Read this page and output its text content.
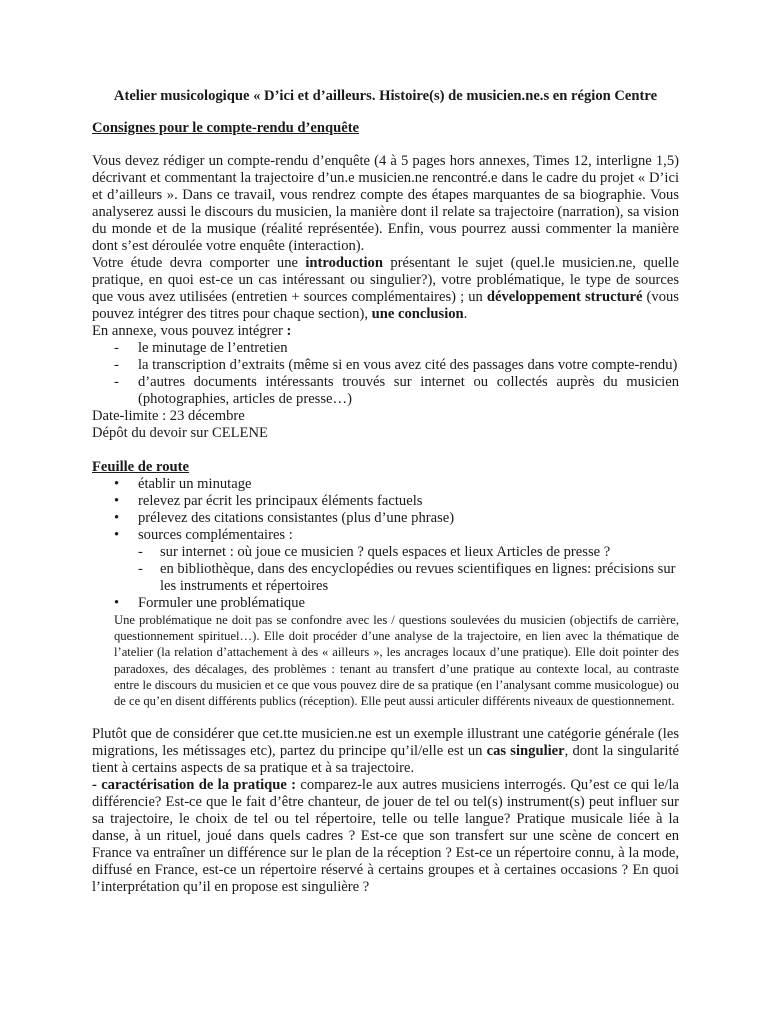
Atelier musicologique « D’ici et d’ailleurs. Histoire(s) de musicien.ne.s en région Centre
Consignes pour le compte-rendu d’enquête

Vous devez rédiger un compte-rendu d’enquête (4 à 5 pages hors annexes, Times 12, interligne 1,5) décrivant et commentant la trajectoire d’un.e musicien.ne rencontré.e dans le cadre du projet « D’ici et d’ailleurs ». Dans ce travail, vous rendrez compte des étapes marquantes de sa biographie. Vous analyserez aussi le discours du musicien, la manière dont il relate sa trajectoire (narration), sa vision du monde et de la musique (réalité représentée). Enfin, vous pourrez aussi commenter la manière dont s’est déroulée votre enquête (interaction).

Votre étude devra comporter une introduction présentant le sujet (quel.le musicien.ne, quelle pratique, en quoi est-ce un cas intéressant ou singulier?), votre problématique, le type de sources que vous avez utilisées (entretien + sources complémentaires) ; un développement structuré (vous pouvez intégrer des titres pour chaque section), une conclusion.

En annexe, vous pouvez intégrer :

- le minutage de l’entretien
- la transcription d’extraits (même si en vous avez cité des passages dans votre compte-rendu)
- d’autres documents intéressants trouvés sur internet ou collectés auprès du musicien (photographies, articles de presse…)

Date-limite : 23 décembre

Dépôt du devoir sur CELENE

Feuille de route
• établir un minutage
• relevez par écrit les principaux éléments factuels
• prélevez des citations consistantes (plus d’une phrase)
• sources complémentaires :
- sur internet : où joue ce musicien ? quels espaces et lieux Articles de presse ?
- en bibliothèque, dans des encyclopédies ou revues scientifiques en lignes: précisions sur les instruments et répertoires
• Formuler une problématique

Une problématique ne doit pas se confondre avec les / questions soulevées du musicien (objectifs de carrière, questionnement spirituel…). Elle doit procéder d’une analyse de la trajectoire, en lien avec la thématique de l’atelier (la relation d’attachement à des « ailleurs », les ancrages locaux d’une pratique). Elle doit pointer des paradoxes, des décalages, des problèmes : tenant au transfert d’une pratique au contexte local, au contraste entre le discours du musicien et ce que vous pouvez dire de sa pratique (en l’analysant comme musicologue) ou de ce qu’en disent différents publics (réception). Elle peut aussi articuler différents niveaux de questionnement.

Plutôt que de considérer que cet.tte musicien.ne est un exemple illustrant une catégorie générale (les migrations, les métissages etc), partez du principe qu’il/elle est un cas singulier, dont la singularité tient à certains aspects de sa pratique et à sa trajectoire.

- caractérisation de la pratique : comparez-le aux autres musiciens interrogés. Qu’est ce qui le/la différencie? Est-ce que le fait d’être chanteur, de jouer de tel ou tel(s) instrument(s) peut influer sur sa trajectoire, le choix de tel ou tel répertoire, telle ou telle langue? Pratique musicale liée à la danse, à un rituel, joué dans quels cadres ? Est-ce que son transfert sur une scène de concert en France va entraîner un différence sur le plan de la réception ? Est-ce un répertoire connu, à la mode, diffusé en France, est-ce un répertoire réservé à certains groupes et à certaines occasions ? En quoi l’interprétation qu’il en propose est singulière ?
